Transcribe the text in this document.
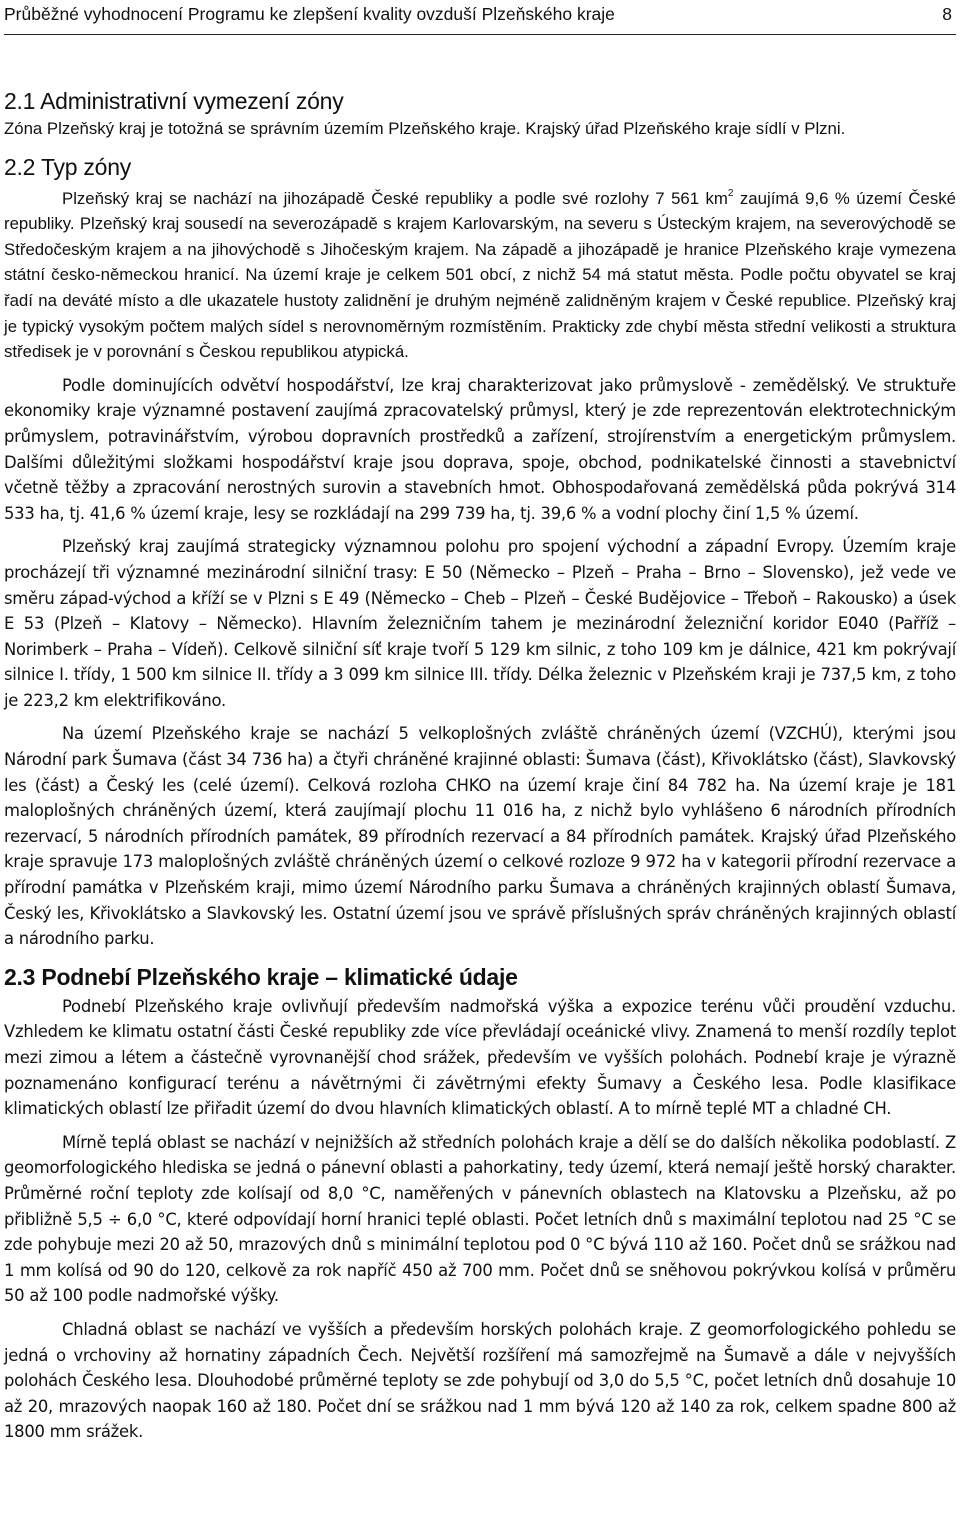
Průběžné vyhodnocení Programu ke zlepšení kvality ovzduší Plzeňského kraje	8
2.1 Administrativní vymezení zóny

Zóna Plzeňský kraj je totožná se správním územím Plzeňského kraje. Krajský úřad Plzeňského kraje sídlí v Plzni.

2.2 Typ zóny

Plzeňský kraj se nachází na jihozápadě České republiky a podle své rozlohy 7 561 $km^2$ zaujímá 9,6 % území České republiky. Plzeňský kraj sousedí na severozápadě s krajem Karlovarským, na severu s Ústeckým krajem, na severovýchodě se Středočeským krajem a na jihovýchodě s Jihočeským krajem. Na západě a jihozápadě je hranice Plzeňského kraje vymezena státní česko-německou hranicí. Na území kraje je celkem 501 obcí, z nichž 54 má statut města. Podle počtu obyvatel se kraj řadí na deváté místo a dle ukazatele hustoty zalidnění je druhým nejméně zalidněným krajem v České republice. Plzeňský kraj je typický vysokým počtem malých sídel s nerovnoměrným rozmístěním. Prakticky zde chybí města střední velikosti a struktura středisek je v porovnání s Českou republikou atypická.

Podle dominujících odvětví hospodářství, lze kraj charakterizovat jako průmyslově - zemědělský. Ve struktuře ekonomiky kraje významné postavení zaujímá zpracovatelský průmysl, který je zde reprezentován elektrotechnickým průmyslem, potravinářstvím, výrobou dopravních prostředků a zařízení, strojírenstvím a energetickým průmyslem. Dalšími důležitými složkami hospodářství kraje jsou doprava, spoje, obchod, podnikatelské činnosti a stavebnictví včetně těžby a zpracování nerostných surovin a stavebních hmot. Obhospodařovaná zemědělská půda pokrývá 314 533 ha, tj. 41,6 % území kraje, lesy se rozkládají na 299 739 ha, tj. 39,6 % a vodní plochy činí 1,5 % území.

Plzeňský kraj zaujímá strategicky významnou polohu pro spojení východní a západní Evropy. Územím kraje procházejí tři významné mezinárodní silniční trasy: E 50 (Německo – Plzeň – Praha – Brno – Slovensko), jež vede ve směru západ-východ a kříží se v Plzni s E 49 (Německo – Cheb – Plzeň – České Budějovice – Třeboň – Rakousko) a úsek E 53 (Plzeň – Klatovy – Německo). Hlavním železničním tahem je mezinárodní železniční koridor E040 (Pařříž – Norimberk – Praha – Vídeň). Celkově silniční síť kraje tvoří 5 129 km silnic, z toho 109 km je dálnice, 421 km pokrývají silnice I. třídy, 1 500 km silnice II. třídy a 3 099 km silnice III. třídy. Délka železnic v Plzeňském kraji je 737,5 km, z toho je 223,2 km elektrifikováno.

Na území Plzeňského kraje se nachází 5 velkoplošných zvláště chráněných území (VZCHÚ), kterými jsou Národní park Šumava (část 34 736 ha) a čtyři chráněné krajinné oblasti: Šumava (část), Křivoklátsko (část), Slavkovský les (část) a Český les (celé území). Celková rozloha CHKO na území kraje činí 84 782 ha. Na území kraje je 181 maloplošných chráněných území, která zaujímají plochu 11 016 ha, z nichž bylo vyhlášeno 6 národních přírodních rezervací, 5 národních přírodních památek, 89 přírodních rezervací a 84 přírodních památek. Krajský úřad Plzeňského kraje spravuje 173 maloplošných zvláště chráněných území o celkové rozloze 9 972 ha v kategorii přírodní rezervace a přírodní památka v Plzeňském kraji, mimo území Národního parku Šumava a chráněných krajinných oblastí Šumava, Český les, Křivoklátsko a Slavkovský les. Ostatní území jsou ve správě příslušných správ chráněných krajinných oblastí a národního parku.

2.3 Podnebí Plzeňského kraje – klimatické údaje

Podnebí Plzeňského kraje ovlivňují především nadmořská výška a expozice terénu vůči proudění vzduchu. Vzhledem ke klimatu ostatní části České republiky zde více převládají oceánické vlivy. Znamená to menší rozdíly teplot mezi zimou a létem a částečně vyrovnanější chod srážek, především ve vyšších polohách. Podnebí kraje je výrazně poznamenáno konfigurací terénu a návětrnými či závětrnými efekty Šumavy a Českého lesa. Podle klasifikace klimatických oblastí lze přiřadit území do dvou hlavních klimatických oblastí. A to mírně teplé MT a chladné CH.

Mírně teplá oblast se nachází v nejnižších až středních polohách kraje a dělí se do dalších několika podoblastí. Z geomorfologického hlediska se jedná o pánevní oblasti a pahorkatiny, tedy území, která nemají ještě horský charakter. Průměrné roční teploty zde kolísají od 8,0 °C, naměřených v pánevních oblastech na Klatovsku a Plzeňsku, až po přibližně 5,5 ÷ 6,0 °C, které odpovídají horní hranici teplé oblasti. Počet letních dnů s maximální teplotou nad 25 °C se zde pohybuje mezi 20 až 50, mrazových dnů s minimální teplotou pod 0 °C bývá 110 až 160. Počet dnů se srážkou nad 1 mm kolísá od 90 do 120, celkově za rok napříč 450 až 700 mm. Počet dnů se sněhovou pokrývkou kolísá v průměru 50 až 100 podle nadmořské výšky.

Chladná oblast se nachází ve vyšších a především horských polohách kraje. Z geomorfologického pohledu se jedná o vrchoviny až hornatiny západních Čech. Největší rozšíření má samozřejmě na Šumavě a dále v nejvyšších polohách Českého lesa. Dlouhodobé průměrné teploty se zde pohybují od 3,0 do 5,5 °C, počet letních dnů dosahuje 10 až 20, mrazových naopak 160 až 180. Počet dní se srážkou nad 1 mm bývá 120 až 140 za rok, celkem spadne 800 až 1800 mm srážek.
